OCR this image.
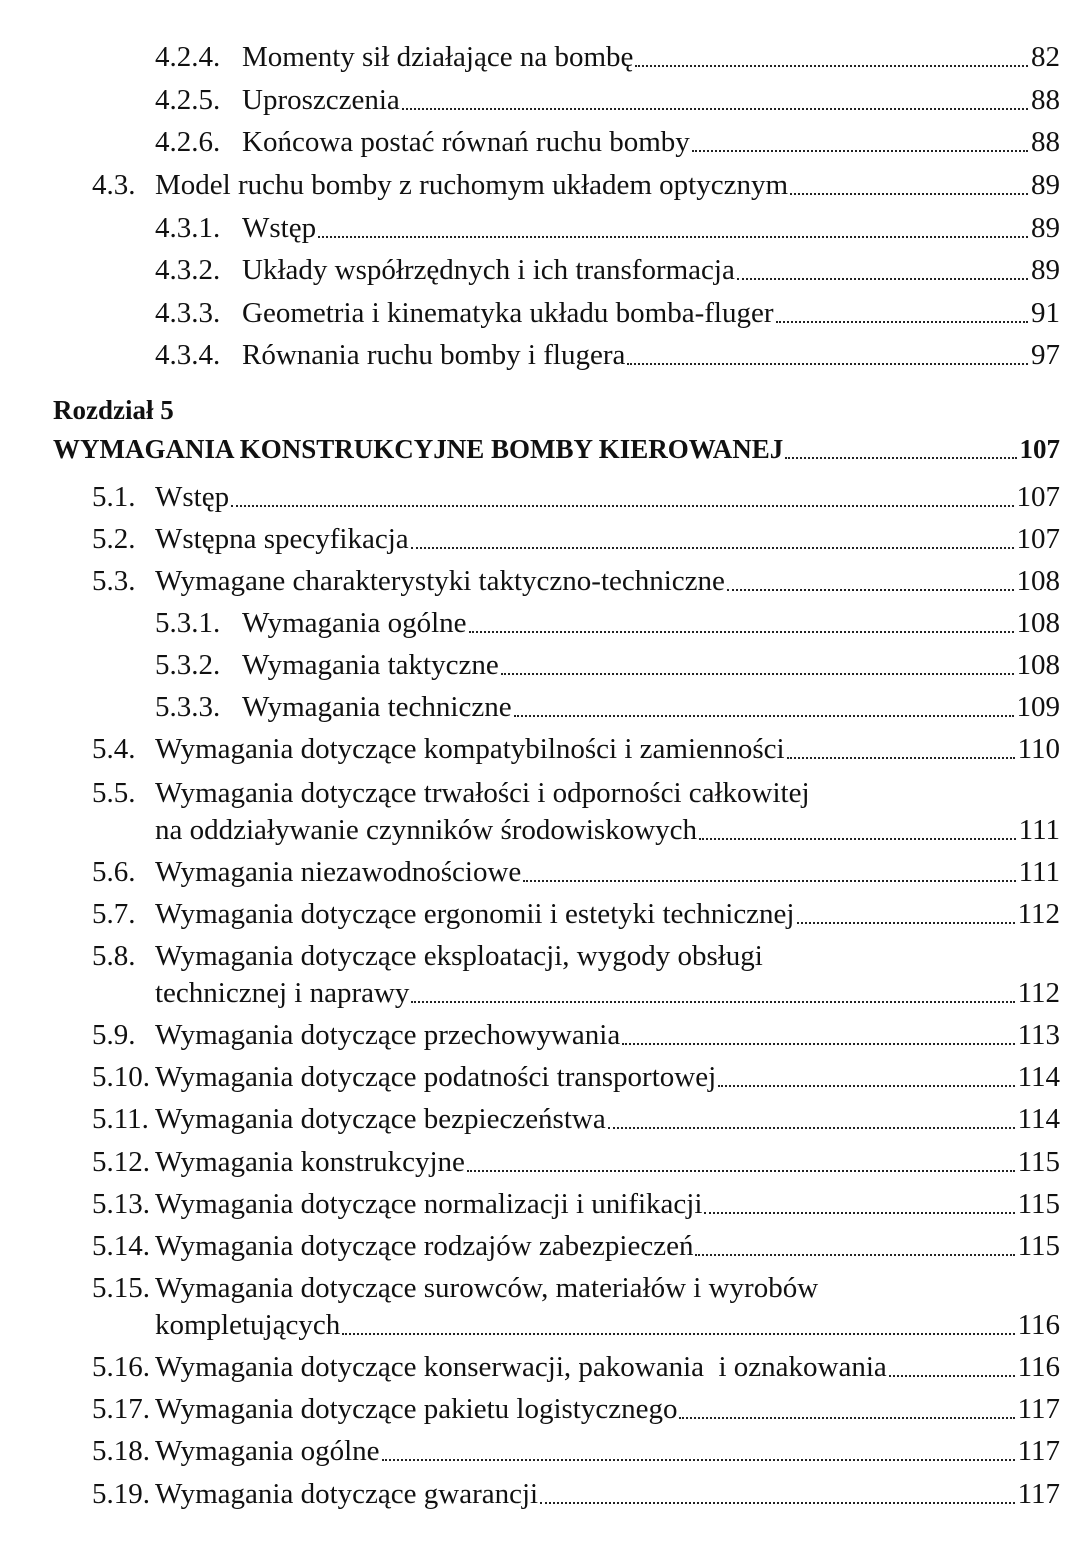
4.2.4. Momenty sił działające na bombę	82
4.2.5. Uproszczenia	88
4.2.6. Końcowa postać równań ruchu bomby	88
4.3. Model ruchu bomby z ruchomym układem optycznym	89
4.3.1. Wstęp	89
4.3.2. Układy współrzędnych i ich transformacja	89
4.3.3. Geometria i kinematyka układu bomba-fluger	91
4.3.4. Równania ruchu bomby i flugera	97
Rozdział 5
WYMAGANIA KONSTRUKCYJNE BOMBY KIEROWANEJ	107
5.1. Wstęp	107
5.2. Wstępna specyfikacja	107
5.3. Wymagane charakterystyki taktyczno-techniczne	108
5.3.1. Wymagania ogólne	108
5.3.2. Wymagania taktyczne	108
5.3.3. Wymagania techniczne	109
5.4. Wymagania dotyczące kompatybilności i zamienności	110
5.5. Wymagania dotyczące trwałości i odporności całkowitej
na oddziaływanie czynników środowiskowych	111
5.6. Wymagania niezawodnościowe	111
5.7. Wymagania dotyczące ergonomii i estetyki technicznej	112
5.8. Wymagania dotyczące eksploatacji, wygody obsługi
technicznej i naprawy	112
5.9. Wymagania dotyczące przechowywania	113
5.10. Wymagania dotyczące podatności transportowej	114
5.11. Wymagania dotyczące bezpieczeństwa	114
5.12. Wymagania konstrukcyjne	115
5.13. Wymagania dotyczące normalizacji i unifikacji	115
5.14. Wymagania dotyczące rodzajów zabezpieczeń	115
5.15. Wymagania dotyczące surowców, materiałów i wyrobów
kompletujących	116
5.16. Wymagania dotyczące konserwacji, pakowania  i oznakowania	116
5.17. Wymagania dotyczące pakietu logistycznego	117
5.18. Wymagania ogólne	117
5.19. Wymagania dotyczące gwarancji	117
